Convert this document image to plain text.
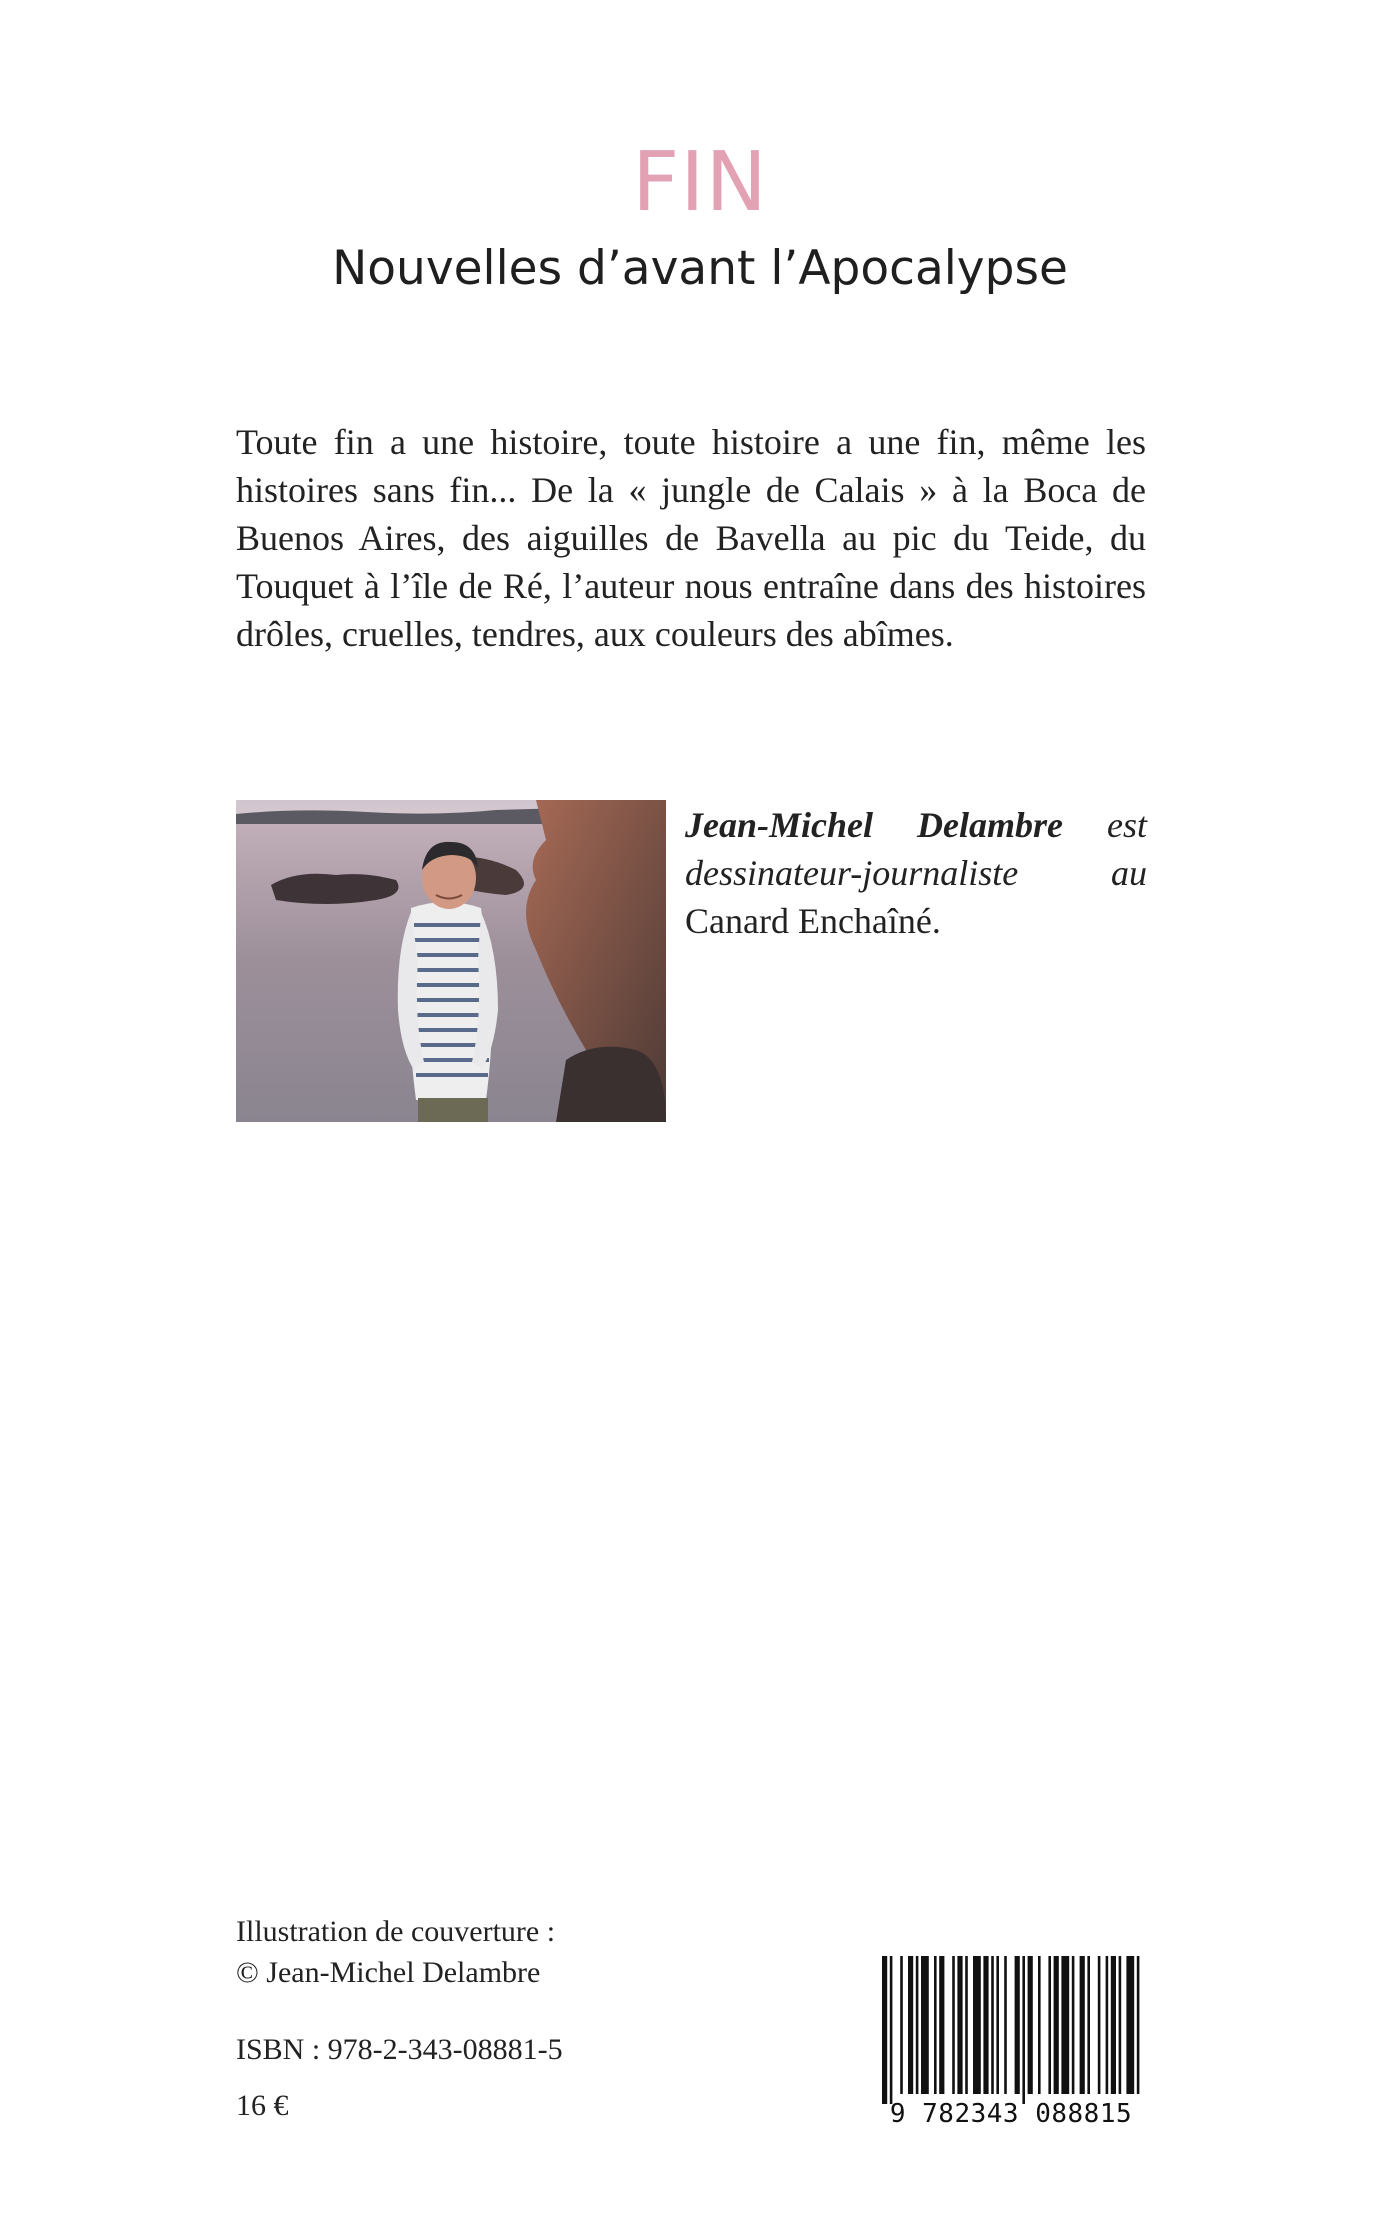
FIN
Nouvelles d’avant l’Apocalypse

Toute fin a une histoire, toute histoire a une fin, même les histoires sans fin... De la « jungle de Calais » à la Boca de Buenos Aires, des aiguilles de Bavella au pic du Teide, du Touquet à l’île de Ré, l’auteur nous entraîne dans des histoires drôles, cruelles, tendres, aux couleurs des abîmes.

Jean-Michel Delambre est
dessinateur-journaliste au
Canard Enchaîné.
Illustration de couverture :
© Jean-Michel Delambre
ISBN : 978-2-343-08881-5
16 €	9 782343 088815
